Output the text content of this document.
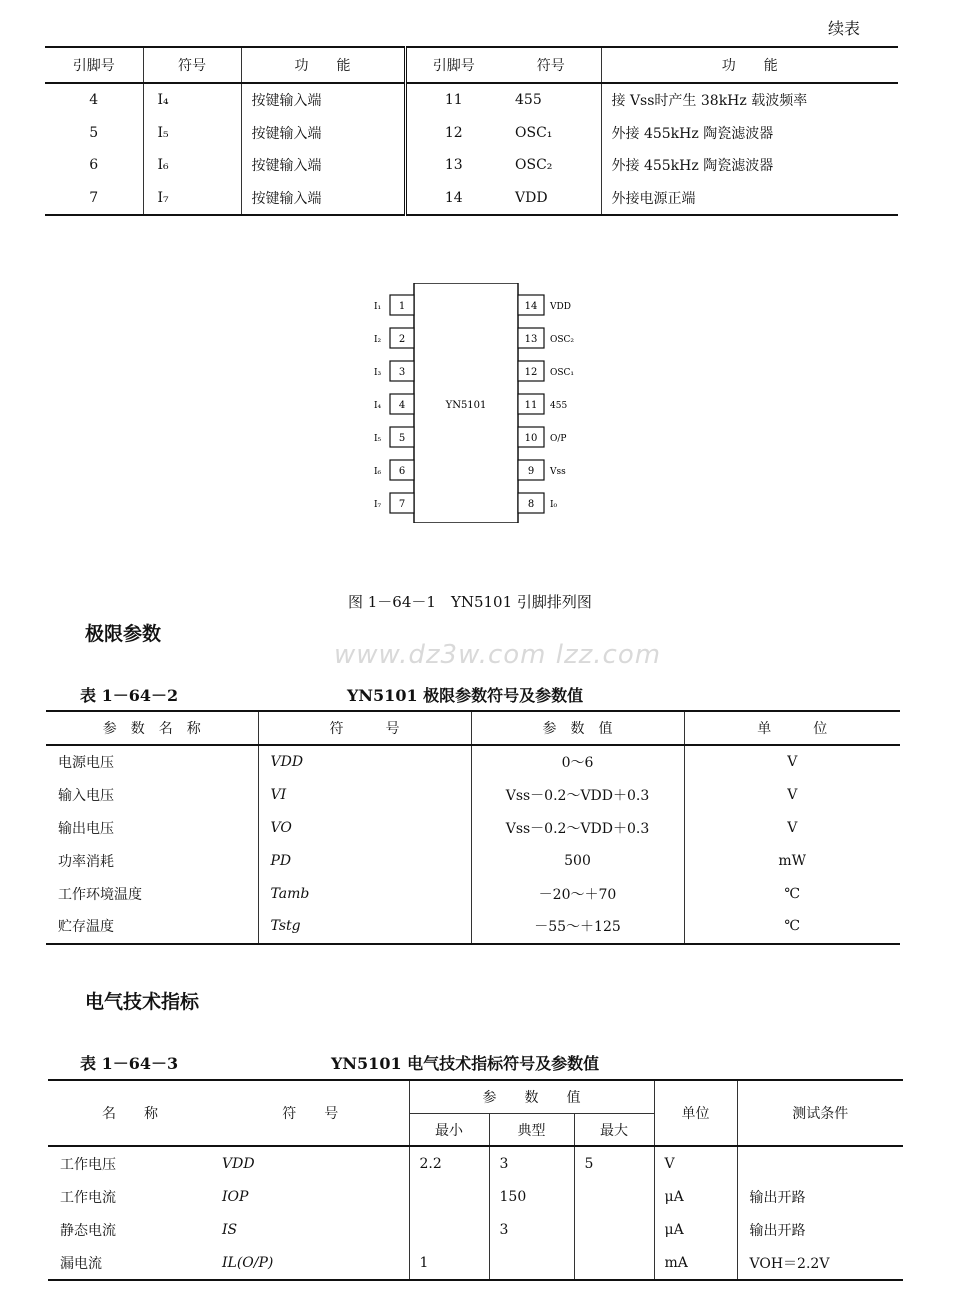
续表
引脚号	符号	功　　能	引脚号	符号	功　　能
4	I₄	按键输入端	11	455	接 Vss时产生 38kHz 载波频率
5	I₅	按键输入端	12	OSC₁	外接 455kHz 陶瓷滤波器
6	I₆	按键输入端	13	OSC₂	外接 455kHz 陶瓷滤波器
7	I₇	按键输入端	14	VDD	外接电源正端
YN5101
1
I₁
2
I₂
3
I₃
4
I₄
5
I₅
6
I₆
7
I₇
14 VDD
13 OSC₂
12 OSC₁
11 455
10 O/P
9 Vss
8 I₀
图 1－64－1　YN5101 引脚排列图
极限参数
www.dz3w.com lzz.com
表 1－64－2	YN5101 极限参数符号及参数值
参　数　名　称	符　　　号	参　数　值	单　　　位
电源电压	VDD	0～6	V
输入电压	VI	Vss－0.2～VDD＋0.3	V
输出电压	VO	Vss－0.2～VDD＋0.3	V
功率消耗	PD	500	mW
工作环境温度	Tamb	－20～＋70	℃
贮存温度	Tstg	－55～＋125	℃
电气技术指标
表 1－64－3	YN5101 电气技术指标符号及参数值
名　　称	符　　号	参　　数　　值			单位	测试条件
		最小	典型	最大		
工作电压	VDD	2.2	3	5	V	
工作电流	IOP		150		μA	输出开路
静态电流	IS		3		μA	输出开路
漏电流	IL(O/P)	1			mA	VOH＝2.2V
